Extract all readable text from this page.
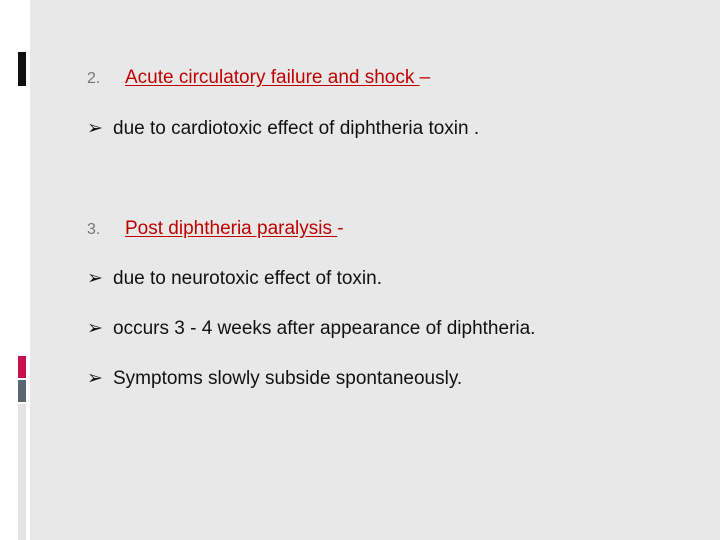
2. Acute circulatory failure and shock –
➢ due to cardiotoxic effect of diphtheria toxin .
3. Post diphtheria paralysis -
➢ due to neurotoxic effect of toxin.
➢ occurs 3 - 4 weeks after appearance of diphtheria.
➢ Symptoms slowly subside spontaneously.
